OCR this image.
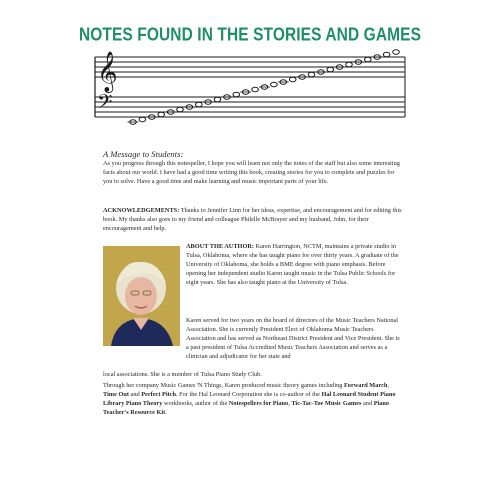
NOTES FOUND IN THE STORIES AND GAMES
𝄞
𝄢
A Message to Students:
As you progress through this notespeller, I hope you will learn not only the notes of the staff but also some interesting facts about our world. I have had a good time writing this book, creating stories for you to complete and puzzles for you to solve. Have a good time and make learning and music important parts of your life.
ACKNOWLEDGEMENTS: Thanks to Jennifer Linn for her ideas, expertise, and encouragement and for editing this book. My thanks also goes to my friend and colleague Philelle McBrayer and my husband, John, for their encouragement and help.
ABOUT THE AUTHOR: Karen Harrington, NCTM, maintains a private studio in Tulsa, Oklahoma, where she has taught piano for over thirty years. A graduate of the University of Oklahoma, she holds a BME degree with piano emphasis. Before opening her independent studio Karen taught music in the Tulsa Public Schools for eight years. She has also taught piano at the University of Tulsa.
Karen served for two years on the board of directors of the Music Teachers National Association. She is currently President Elect of Oklahoma Music Teachers Association and has served as Northeast District President and Vice President. She is a past president of Tulsa Accredited Music Teachers Association and serves as a clinician and adjudicator for her state and
local associations. She is a member of Tulsa Piano Study Club.
Through her company Music Games 'N Things, Karen produced music theory games including Forward March, Time Out and Perfect Pitch. For the Hal Leonard Corporation she is co-author of the Hal Leonard Student Piano Library Piano Theory workbooks, author of the Notespellers for Piano, Tic-Tac-Toe Music Games and Piano Teacher's Resource Kit.
